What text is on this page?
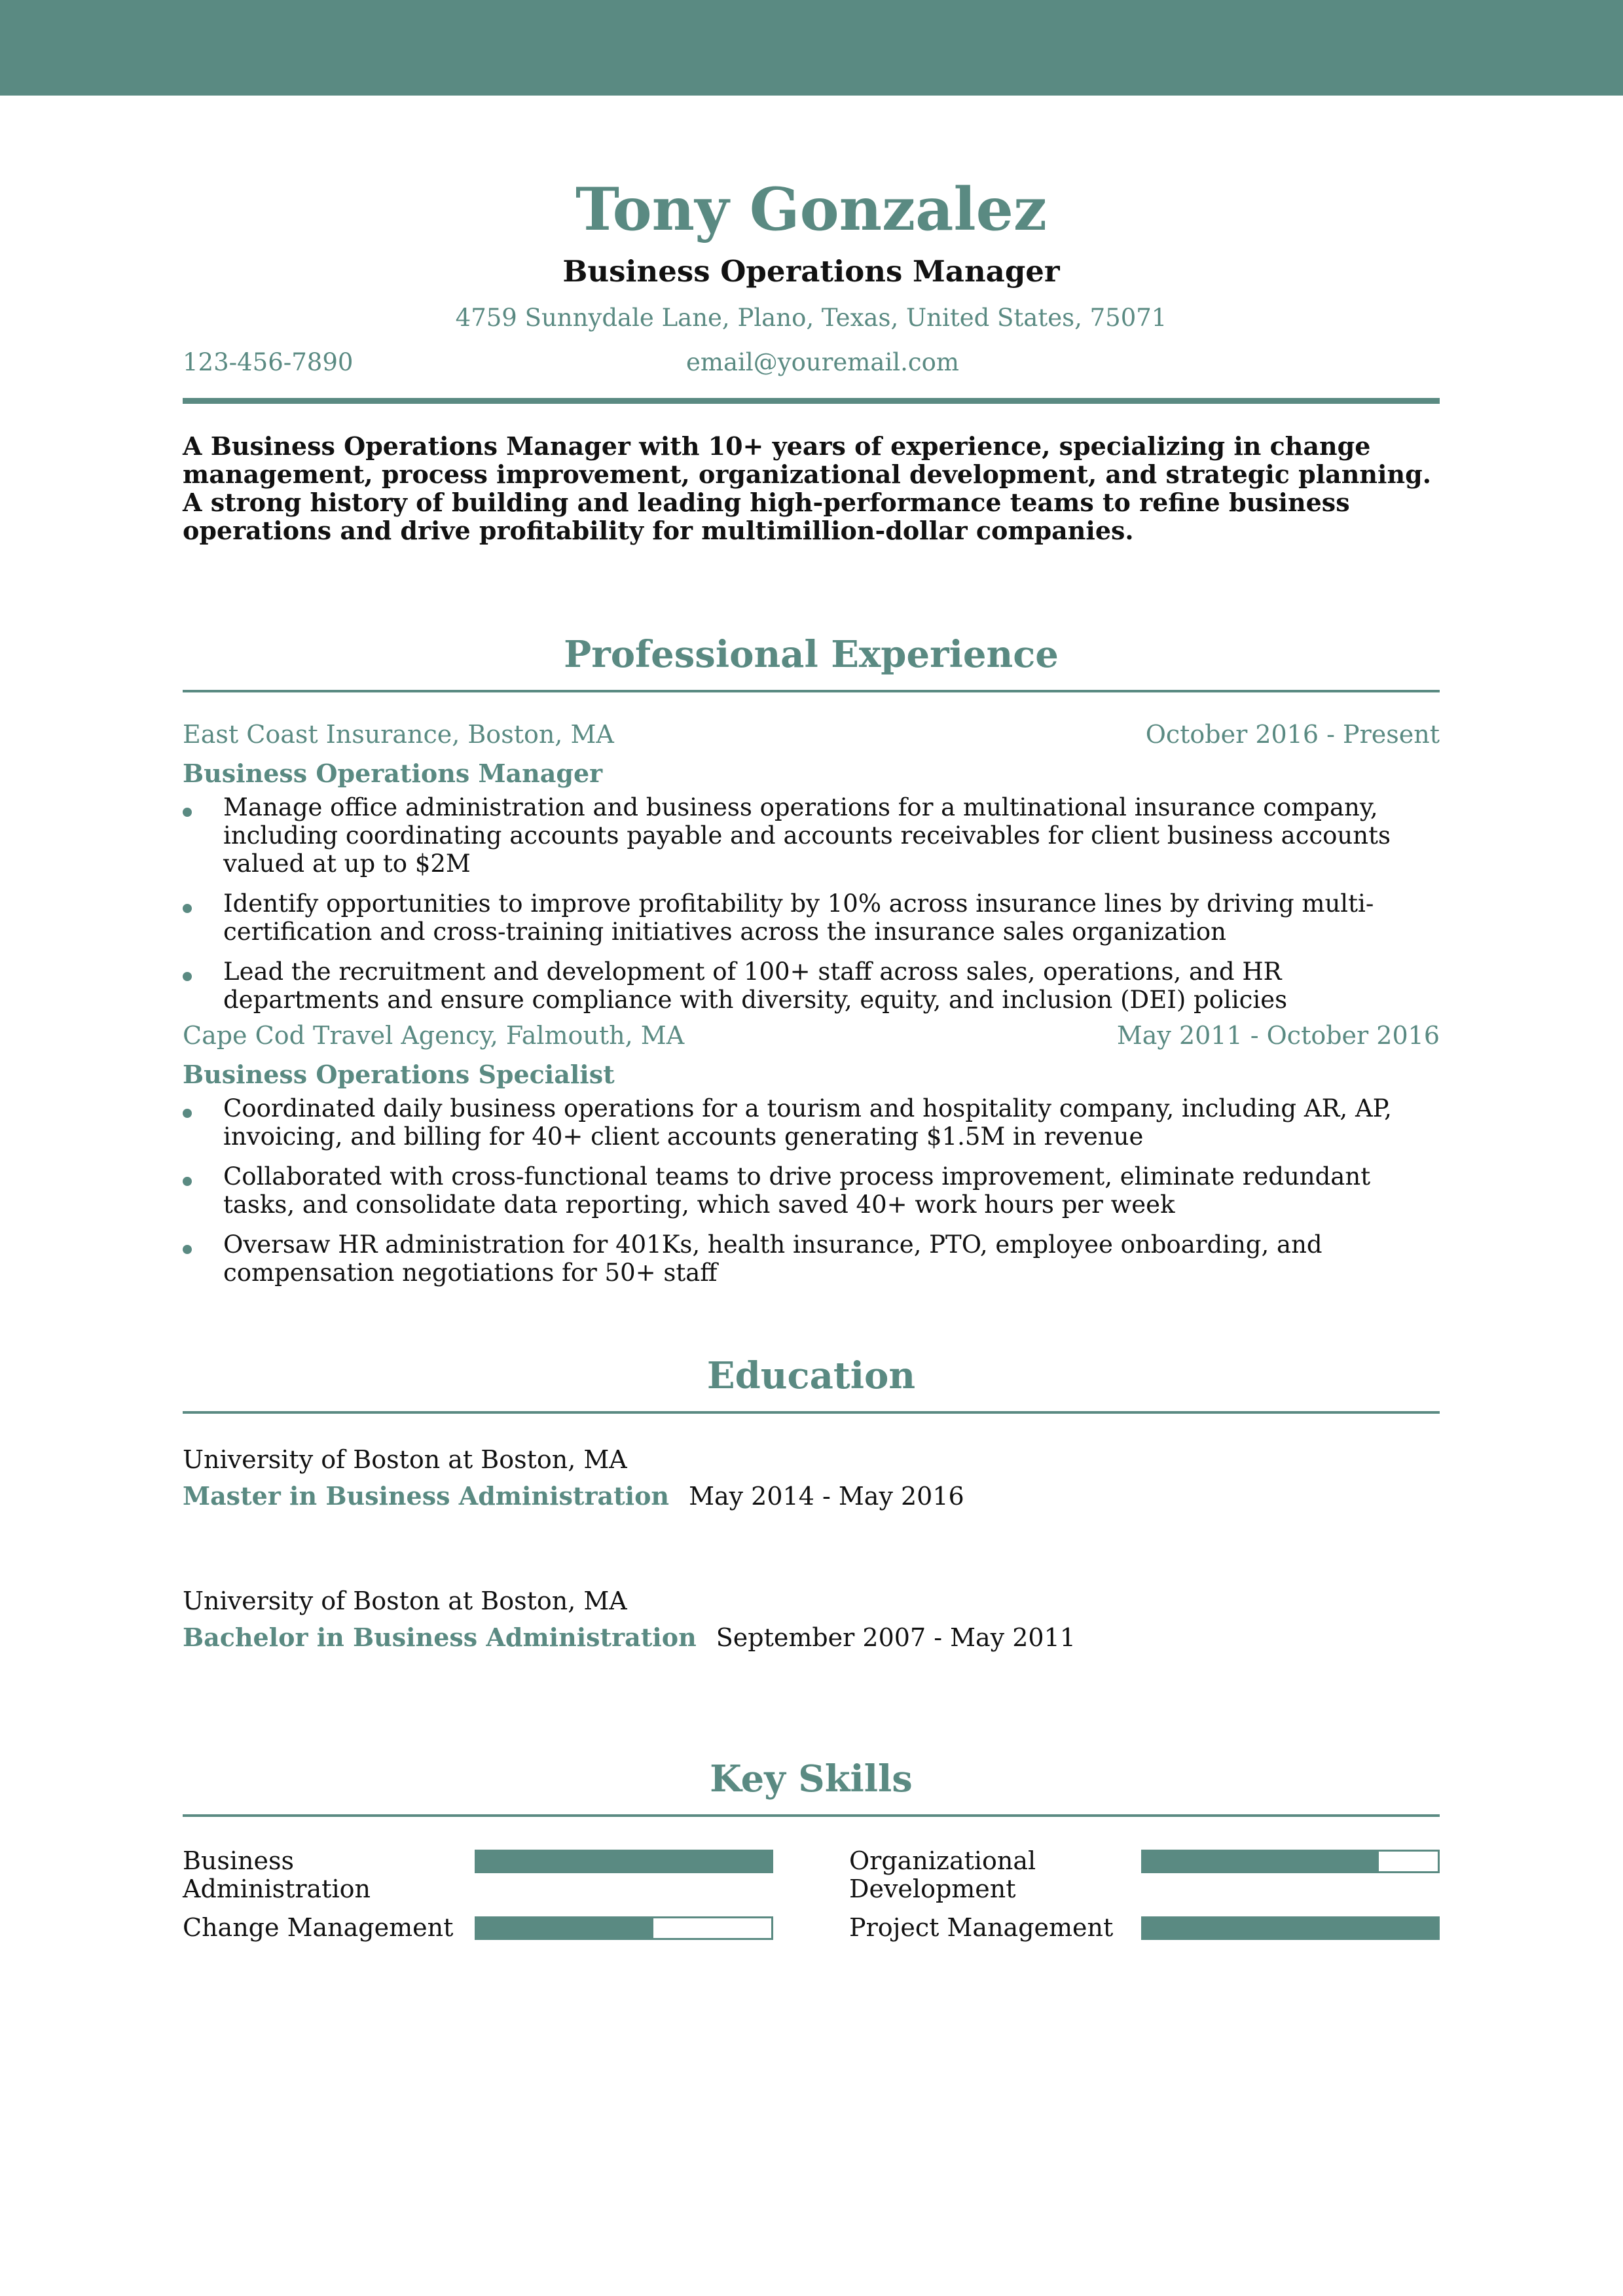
Tony Gonzalez
Business Operations Manager
4759 Sunnydale Lane, Plano, Texas, United States, 75071
123-456-7890	email@youremail.com
A Business Operations Manager with 10+ years of experience, specializing in change management, process improvement, organizational development, and strategic planning. A strong history of building and leading high-performance teams to refine business operations and drive profitability for multimillion-dollar companies.
Professional Experience
East Coast Insurance, Boston, MA	October 2016 - Present
Business Operations Manager
Manage office administration and business operations for a multinational insurance company, including coordinating accounts payable and accounts receivables for client business accounts valued at up to $2M
Identify opportunities to improve profitability by 10% across insurance lines by driving multi-certification and cross-training initiatives across the insurance sales organization
Lead the recruitment and development of 100+ staff across sales, operations, and HR departments and ensure compliance with diversity, equity, and inclusion (DEI) policies
Cape Cod Travel Agency, Falmouth, MA	May 2011 - October 2016
Business Operations Specialist
Coordinated daily business operations for a tourism and hospitality company, including AR, AP, invoicing, and billing for 40+ client accounts generating $1.5M in revenue
Collaborated with cross-functional teams to drive process improvement, eliminate redundant tasks, and consolidate data reporting, which saved 40+ work hours per week
Oversaw HR administration for 401Ks, health insurance, PTO, employee onboarding, and compensation negotiations for 50+ staff
Education
University of Boston at Boston, MA
Master in Business Administration May 2014 - May 2016
University of Boston at Boston, MA
Bachelor in Business Administration September 2007 - May 2011
Key Skills
Business Administration
Organizational Development
Change Management	Project Management
